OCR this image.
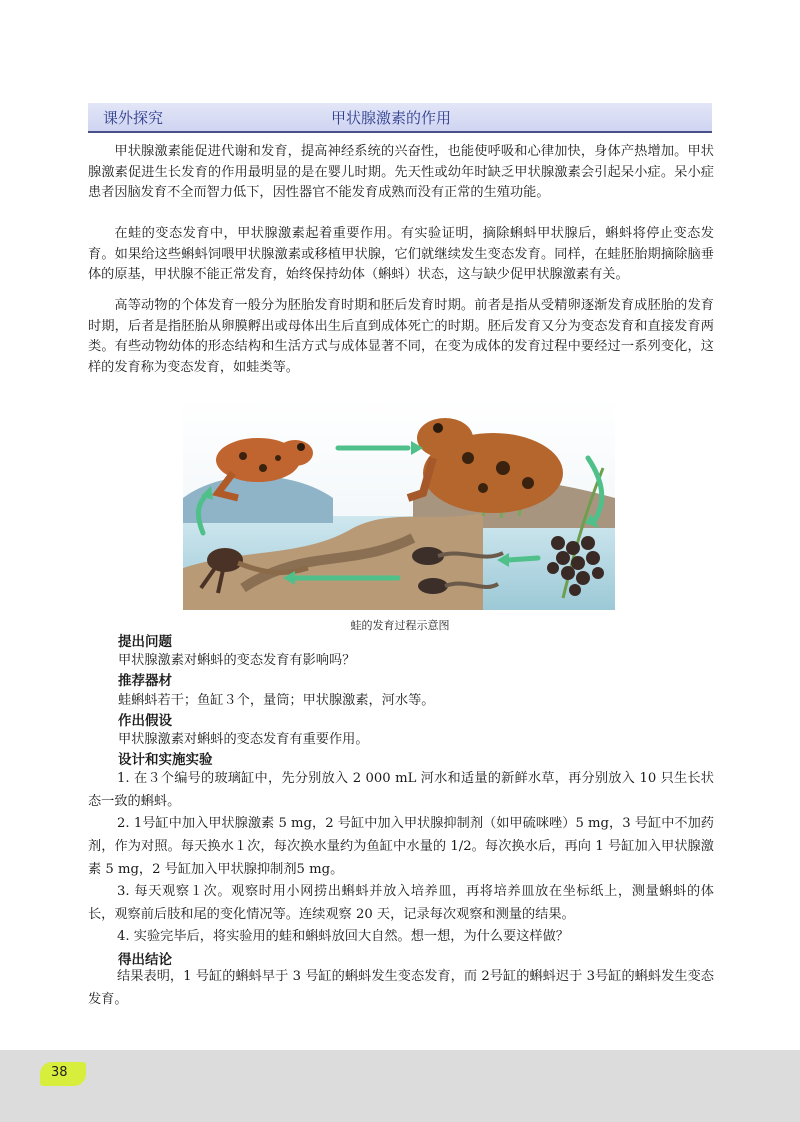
课外探究	甲状腺激素的作用

甲状腺激素能促进代谢和发育，提高神经系统的兴奋性，也能使呼吸和心律加快，身体产热增加。甲状腺激素促进生长发育的作用最明显的是在婴儿时期。先天性或幼年时缺乏甲状腺激素会引起呆小症。呆小症患者因脑发育不全而智力低下，因性器官不能发育成熟而没有正常的生殖功能。

在蛙的变态发育中，甲状腺激素起着重要作用。有实验证明，摘除蝌蚪甲状腺后，蝌蚪将停止变态发育。如果给这些蝌蚪饲喂甲状腺激素或移植甲状腺，它们就继续发生变态发育。同样，在蛙胚胎期摘除脑垂体的原基，甲状腺不能正常发育，始终保持幼体（蝌蚪）状态，这与缺少促甲状腺激素有关。

高等动物的个体发育一般分为胚胎发育时期和胚后发育时期。前者是指从受精卵逐渐发育成胚胎的发育时期，后者是指胚胎从卵膜孵出或母体出生后直到成体死亡的时期。胚后发育又分为变态发育和直接发育两类。有些动物幼体的形态结构和生活方式与成体显著不同，在变为成体的发育过程中要经过一系列变化，这样的发育称为变态发育，如蛙类等。

蛙的发育过程示意图
提出问题
甲状腺激素对蝌蚪的变态发育有影响吗？
推荐器材
蛙蝌蚪若干；鱼缸３个，量筒；甲状腺激素，河水等。
作出假设
甲状腺激素对蝌蚪的变态发育有重要作用。
设计和实施实验

1. 在３个编号的玻璃缸中，先分别放入 2 000 mL 河水和适量的新鲜水草，再分别放入 10 只生长状态一致的蝌蚪。

2. 1号缸中加入甲状腺激素 5 mg，2 号缸中加入甲状腺抑制剂（如甲硫咪唑）5 mg，3 号缸中不加药剂，作为对照。每天换水１次，每次换水量约为鱼缸中水量的 1/2。每次换水后，再向 1 号缸加入甲状腺激素 5 mg，2 号缸加入甲状腺抑制剂5 mg。

3. 每天观察１次。观察时用小网捞出蝌蚪并放入培养皿，再将培养皿放在坐标纸上，测量蝌蚪的体长，观察前后肢和尾的变化情况等。连续观察 20 天，记录每次观察和测量的结果。

4. 实验完毕后，将实验用的蛙和蝌蚪放回大自然。想一想，为什么要这样做？

得出结论

结果表明，1 号缸的蝌蚪早于 3 号缸的蝌蚪发生变态发育，而 2号缸的蝌蚪迟于 3号缸的蝌蚪发生变态发育。

38
